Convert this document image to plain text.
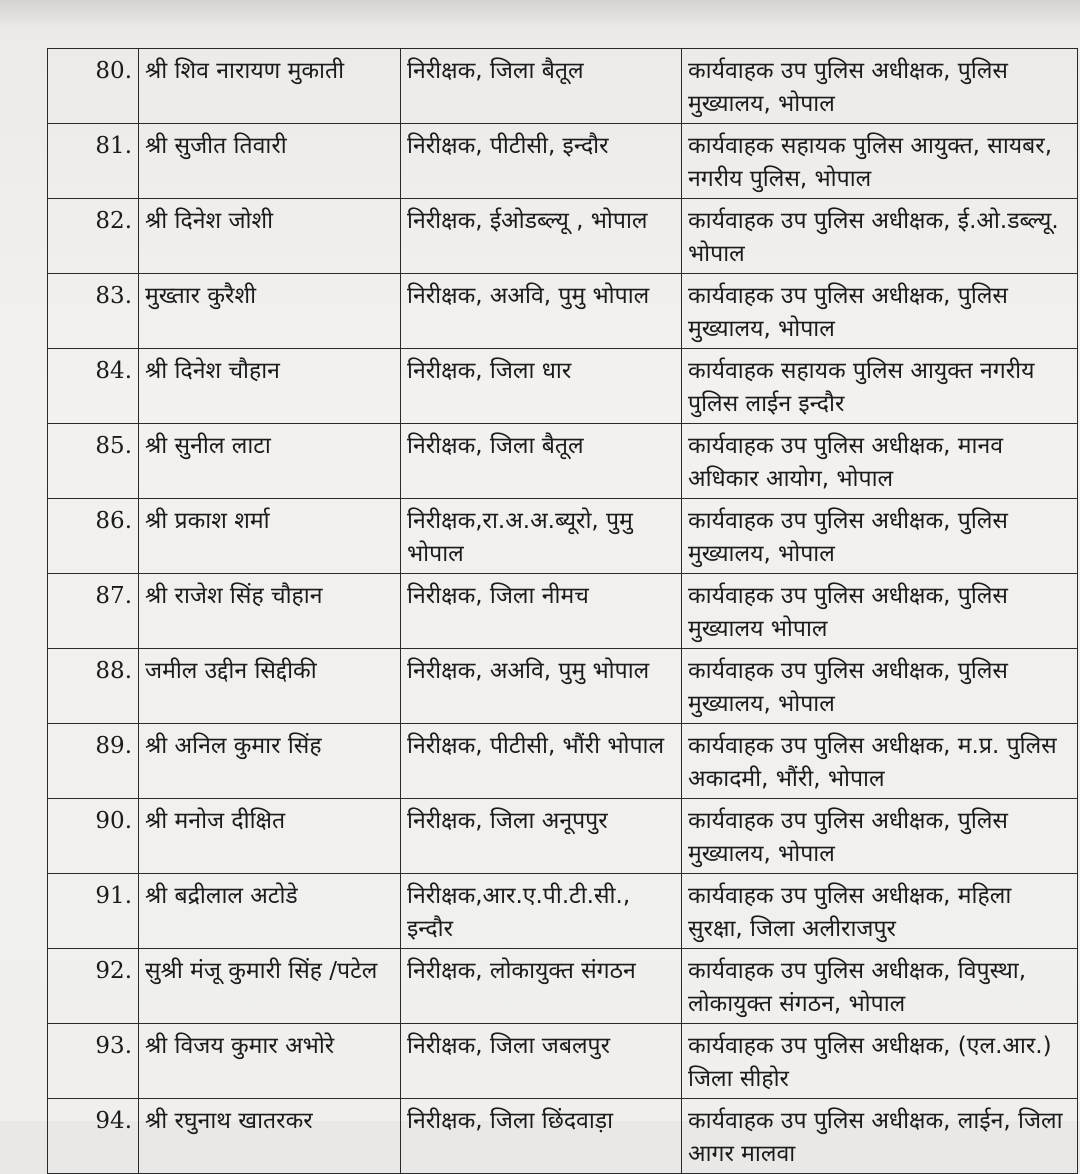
80.	श्री शिव नारायण मुकाती	निरीक्षक, जिला बैतूल	कार्यवाहक उप पुलिस अधीक्षक, पुलिस मुख्यालय, भोपाल
81.	श्री सुजीत तिवारी	निरीक्षक, पीटीसी, इन्दौर	कार्यवाहक सहायक पुलिस आयुक्त, सायबर, नगरीय पुलिस, भोपाल
82.	श्री दिनेश जोशी	निरीक्षक, ईओडब्ल्यू , भोपाल	कार्यवाहक उप पुलिस अधीक्षक, ई.ओ.डब्ल्यू. भोपाल
83.	मुख्तार कुरैशी	निरीक्षक, अअवि, पुमु भोपाल	कार्यवाहक उप पुलिस अधीक्षक, पुलिस मुख्यालय, भोपाल
84.	श्री दिनेश चौहान	निरीक्षक, जिला धार	कार्यवाहक सहायक पुलिस आयुक्त नगरीय पुलिस लाईन इन्दौर
85.	श्री सुनील लाटा	निरीक्षक, जिला बैतूल	कार्यवाहक उप पुलिस अधीक्षक, मानव अधिकार आयोग, भोपाल
86.	श्री प्रकाश शर्मा	निरीक्षक,रा.अ.अ.ब्यूरो, पुमु भोपाल	कार्यवाहक उप पुलिस अधीक्षक, पुलिस मुख्यालय, भोपाल
87.	श्री राजेश सिंह चौहान	निरीक्षक, जिला नीमच	कार्यवाहक उप पुलिस अधीक्षक, पुलिस मुख्यालय भोपाल
88.	जमील उद्दीन सिद्दीकी	निरीक्षक, अअवि, पुमु भोपाल	कार्यवाहक उप पुलिस अधीक्षक, पुलिस मुख्यालय, भोपाल
89.	श्री अनिल कुमार सिंह	निरीक्षक, पीटीसी, भौंरी भोपाल	कार्यवाहक उप पुलिस अधीक्षक, म.प्र. पुलिस अकादमी, भौंरी, भोपाल
90.	श्री मनोज दीक्षित	निरीक्षक, जिला अनूपपुर	कार्यवाहक उप पुलिस अधीक्षक, पुलिस मुख्यालय, भोपाल
91.	श्री बद्रीलाल अटोडे	निरीक्षक,आर.ए.पी.टी.सी., इन्दौर	कार्यवाहक उप पुलिस अधीक्षक, महिला सुरक्षा, जिला अलीराजपुर
92.	सुश्री मंजू कुमारी सिंह /पटेल	निरीक्षक, लोकायुक्त संगठन	कार्यवाहक उप पुलिस अधीक्षक, विपुस्था, लोकायुक्त संगठन, भोपाल
93.	श्री विजय कुमार अभोरे	निरीक्षक, जिला जबलपुर	कार्यवाहक उप पुलिस अधीक्षक, (एल.आर.) जिला सीहोर
94.	श्री रघुनाथ खातरकर	निरीक्षक, जिला छिंदवाड़ा	कार्यवाहक उप पुलिस अधीक्षक, लाईन, जिला आगर मालवा
